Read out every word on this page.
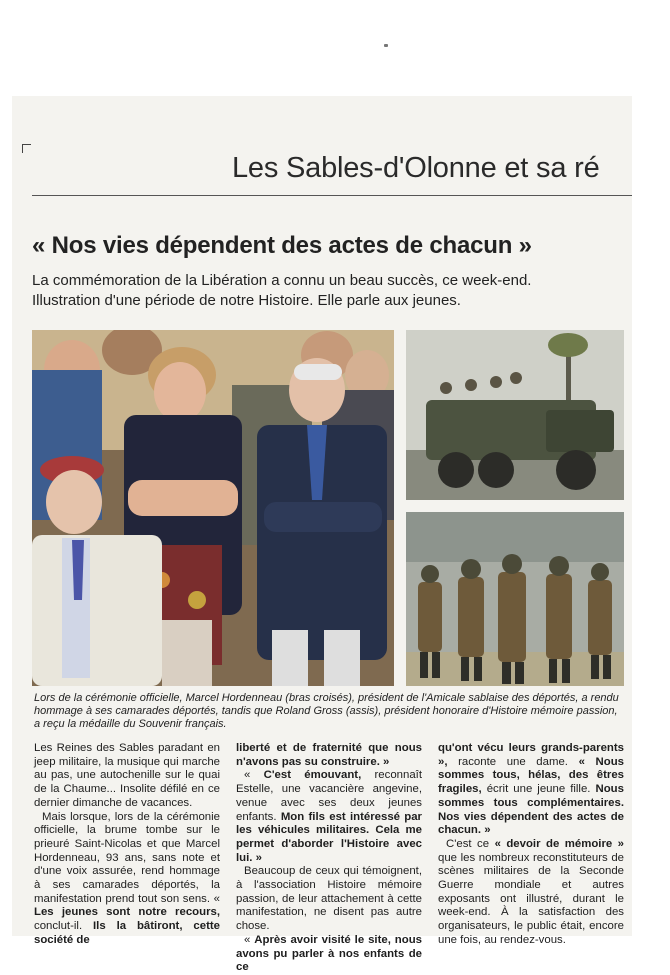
Les Sables-d'Olonne et sa ré
« Nos vies dépendent des actes de chacun »
La commémoration de la Libération a connu un beau succès, ce week-end.
Illustration d'une période de notre Histoire. Elle parle aux jeunes.
Lors de la cérémonie officielle, Marcel Hordenneau (bras croisés), président de l'Amicale sablaise des déportés, a rendu hommage à ses camarades déportés, tandis que Roland Gross (assis), président honoraire d'Histoire mémoire passion, a reçu la médaille du Souvenir français.

Les Reines des Sables paradant en jeep militaire, la musique qui marche au pas, une autochenille sur le quai de la Chaume... Insolite défilé en ce dernier dimanche de vacances.

Mais lorsque, lors de la cérémonie officielle, la brume tombe sur le prieuré Saint-Nicolas et que Marcel Hordenneau, 93 ans, sans note et d'une voix assurée, rend hommage à ses camarades déportés, la manifestation prend tout son sens. « Les jeunes sont notre recours, conclut-il. Ils la bâtiront, cette société de

liberté et de fraternité que nous n'avons pas su construire. »

« C'est émouvant, reconnaît Estelle, une vacancière angevine, venue avec ses deux jeunes enfants. Mon fils est intéressé par les véhicules militaires. Cela me permet d'aborder l'Histoire avec lui. »

Beaucoup de ceux qui témoignent, à l'association Histoire mémoire passion, de leur attachement à cette manifestation, ne disent pas autre chose.

« Après avoir visité le site, nous avons pu parler à nos enfants de ce

qu'ont vécu leurs grands-parents », raconte une dame. « Nous sommes tous, hélas, des êtres fragiles, écrit une jeune fille. Nous sommes tous complémentaires. Nos vies dépendent des actes de chacun. »

C'est ce « devoir de mémoire » que les nombreux reconstituteurs de scènes militaires de la Seconde Guerre mondiale et autres exposants ont illustré, durant le week-end. À la satisfaction des organisateurs, le public était, encore une fois, au rendez-vous.
